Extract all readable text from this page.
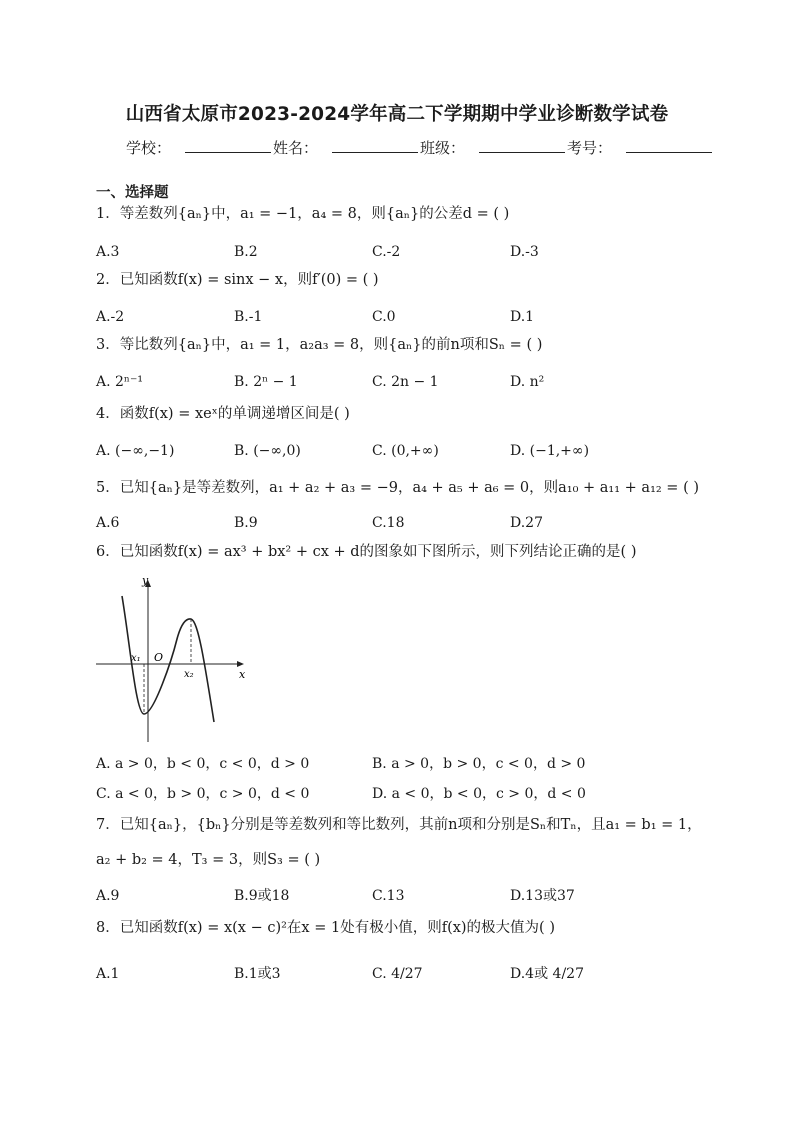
山西省太原市2023-2024学年高二下学期期中学业诊断数学试卷
学校：	姓名：	班级：	考号：
一、选择题
1．等差数列{aₙ}中，a₁ = −1，a₄ = 8，则{aₙ}的公差d = ( )
A.3	B.2	C.-2	D.-3
2．已知函数f(x) = sinx − x，则f′(0) = ( )
A.-2	B.-1	C.0	D.1
3．等比数列{aₙ}中，a₁ = 1，a₂a₃ = 8，则{aₙ}的前n项和Sₙ = ( )
A. 2ⁿ⁻¹	B. 2ⁿ − 1	C. 2n − 1	D. n²
4．函数f(x) = xeˣ的单调递增区间是( )
A. (−∞,−1)	B. (−∞,0)	C. (0,+∞)	D. (−1,+∞)
5．已知{aₙ}是等差数列，a₁ + a₂ + a₃ = −9，a₄ + a₅ + a₆ = 0，则a₁₀ + a₁₁ + a₁₂ = ( )
A.6	B.9	C.18	D.27
6．已知函数f(x) = ax³ + bx² + cx + d的图象如下图所示，则下列结论正确的是( )
y
x
O
x₁
x₂
A. a > 0，b < 0，c < 0，d > 0	B. a > 0，b > 0，c < 0，d > 0
C. a < 0，b > 0，c > 0，d < 0	D. a < 0，b < 0，c > 0，d < 0
7．已知{aₙ}，{bₙ}分别是等差数列和等比数列，其前n项和分别是Sₙ和Tₙ，且a₁ = b₁ = 1，
a₂ + b₂ = 4，T₃ = 3，则S₃ = ( )
A.9	B.9或18	C.13	D.13或37
8．已知函数f(x) = x(x − c)²在x = 1处有极小值，则f(x)的极大值为( )
A.1	B.1或3	C. 4/27	D.4或 4/27
